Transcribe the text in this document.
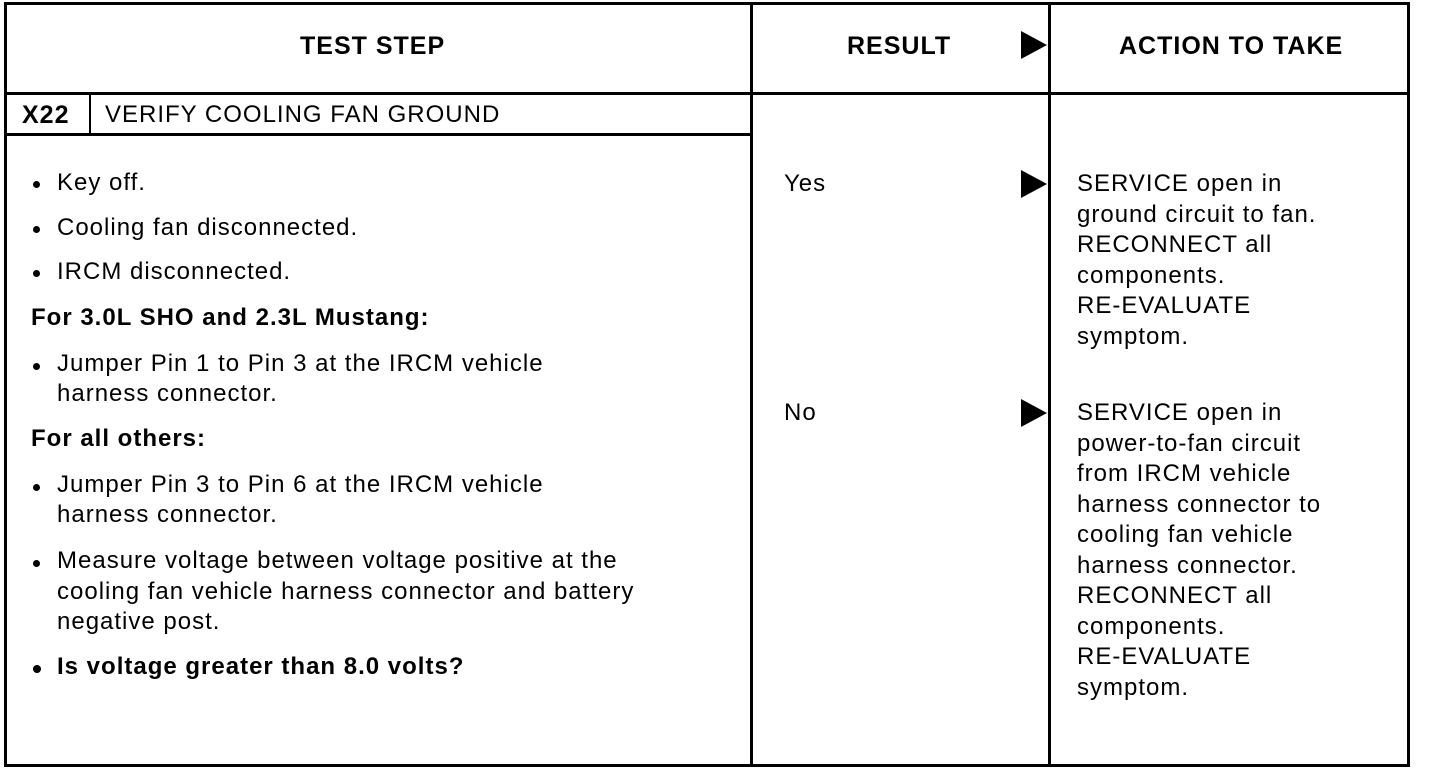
TEST STEP	RESULT	ACTION TO TAKE
X22 VERIFY COOLING FAN GROUND
Key off.
Cooling fan disconnected.
IRCM disconnected.
For 3.0L SHO and 2.3L Mustang:
Jumper Pin 1 to Pin 3 at the IRCM vehicle
harness connector.
For all others:
Jumper Pin 3 to Pin 6 at the IRCM vehicle
harness connector.
Measure voltage between voltage positive at the
cooling fan vehicle harness connector and battery
negative post.
Is voltage greater than 8.0 volts?
Yes
No
SERVICE open in
ground circuit to fan.
RECONNECT all
components.
RE-EVALUATE
symptom.
SERVICE open in
power-to-fan circuit
from IRCM vehicle
harness connector to
cooling fan vehicle
harness connector.
RECONNECT all
components.
RE-EVALUATE
symptom.
